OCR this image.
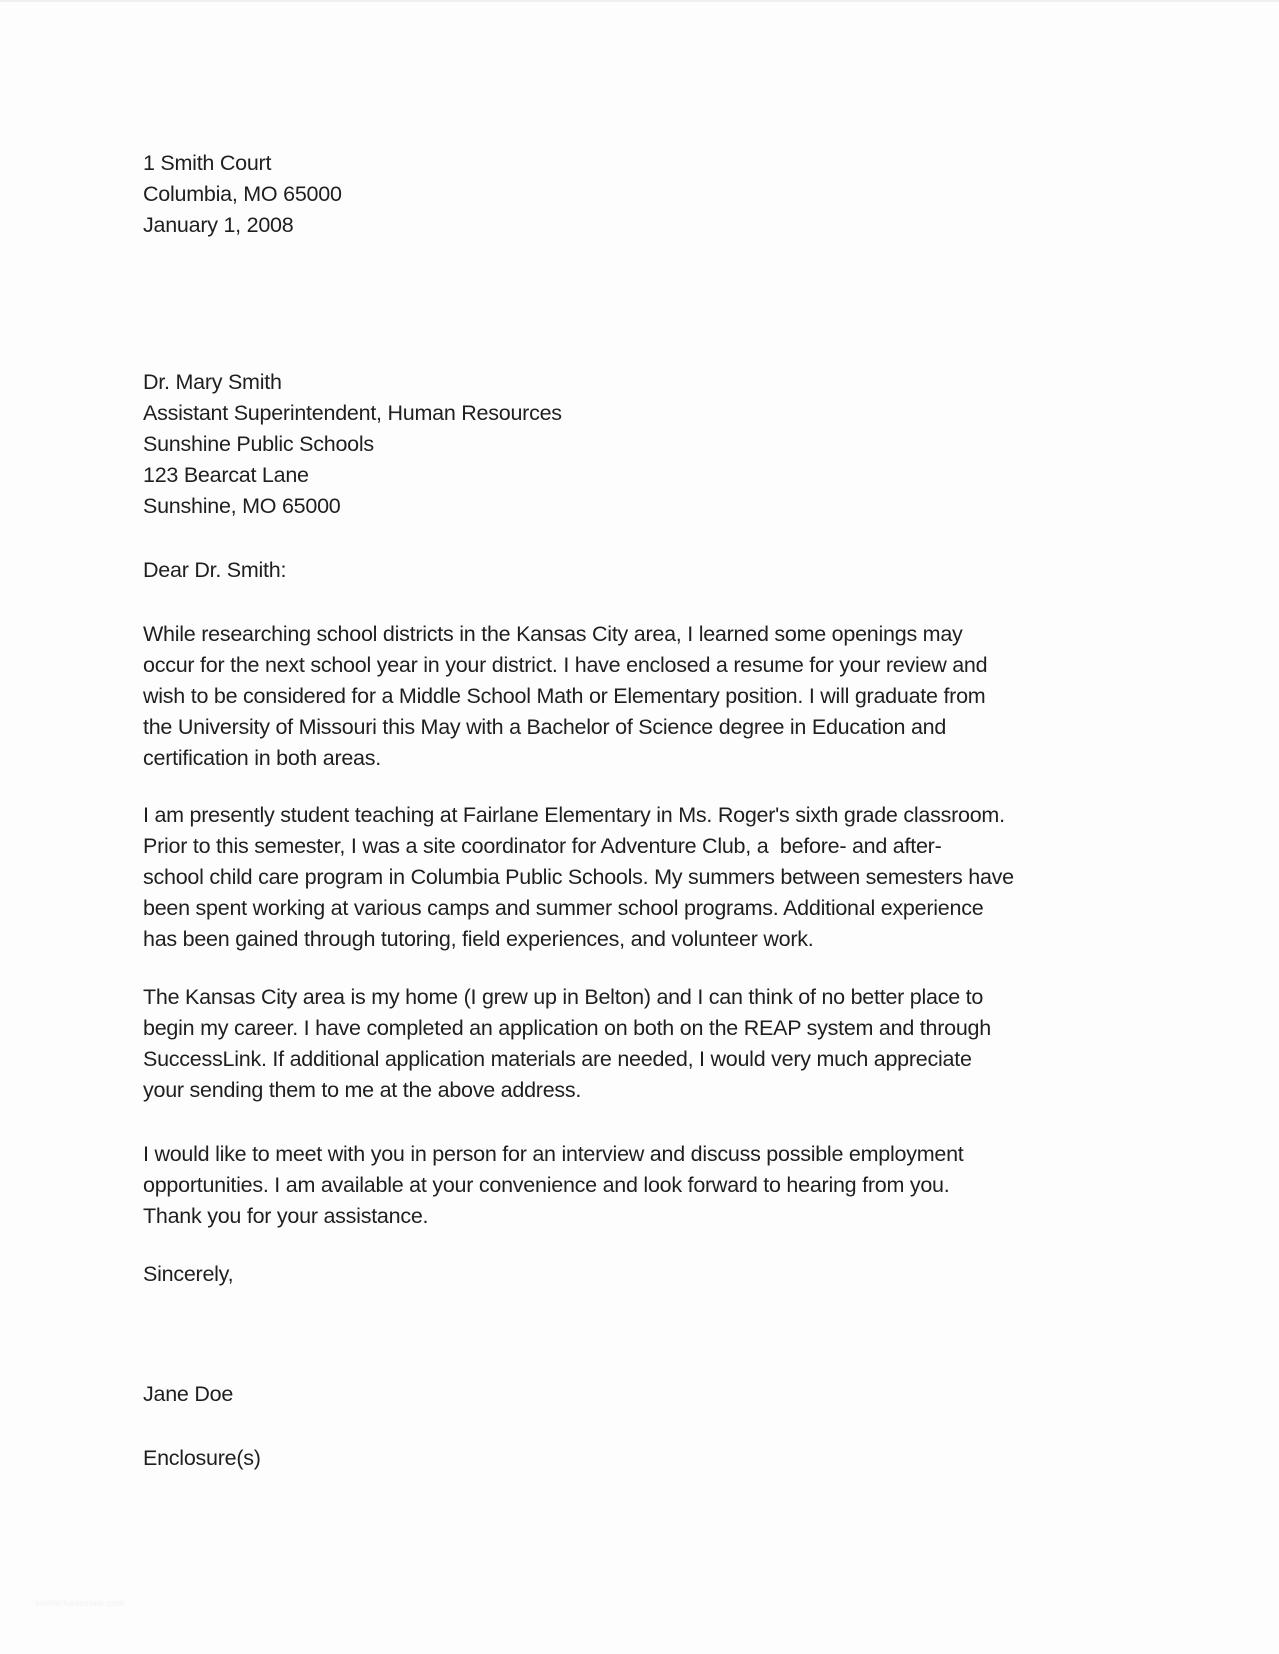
1 Smith Court
Columbia, MO 65000
January 1, 2008
Dr. Mary Smith
Assistant Superintendent, Human Resources
Sunshine Public Schools
123 Bearcat Lane
Sunshine, MO 65000
Dear Dr. Smith:
While researching school districts in the Kansas City area, I learned some openings may
occur for the next school year in your district. I have enclosed a resume for your review and
wish to be considered for a Middle School Math or Elementary position. I will graduate from
the University of Missouri this May with a Bachelor of Science degree in Education and
certification in both areas.
I am presently student teaching at Fairlane Elementary in Ms. Roger's sixth grade classroom.
Prior to this semester, I was a site coordinator for Adventure Club, a  before- and after-
school child care program in Columbia Public Schools. My summers between semesters have
been spent working at various camps and summer school programs. Additional experience
has been gained through tutoring, field experiences, and volunteer work.
The Kansas City area is my home (I grew up in Belton) and I can think of no better place to
begin my career. I have completed an application on both on the REAP system and through
SuccessLink. If additional application materials are needed, I would very much appreciate
your sending them to me at the above address.
I would like to meet with you in person for an interview and discuss possible employment
opportunities. I am available at your convenience and look forward to hearing from you.
Thank you for your assistance.
Sincerely,
Jane Doe
Enclosure(s)
smithchavezlaw.com
